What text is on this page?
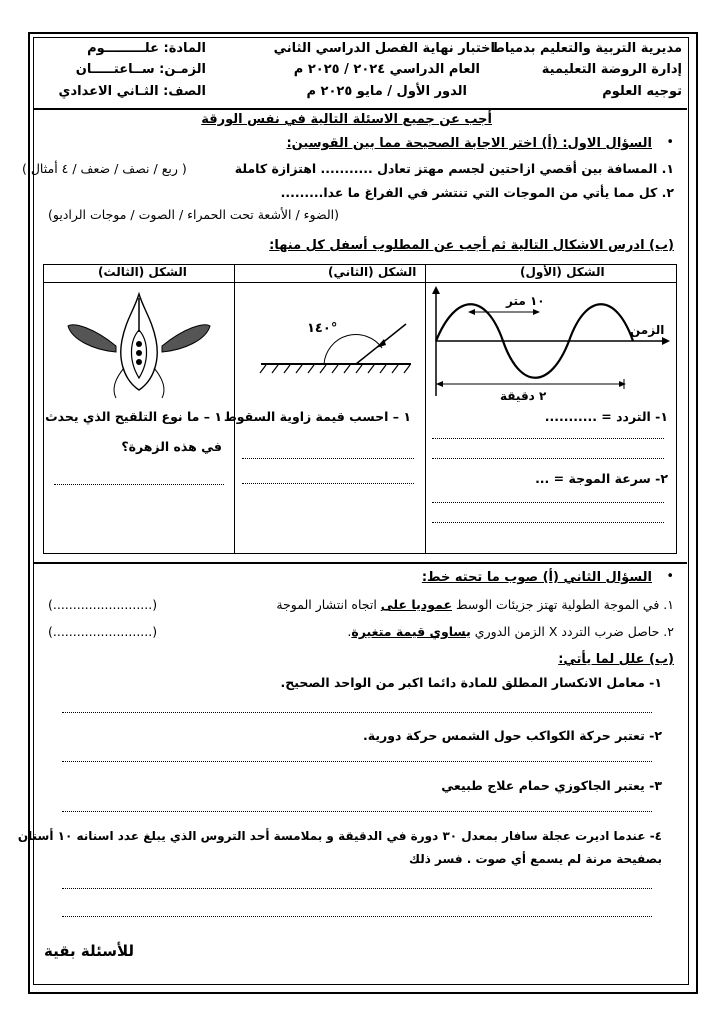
مديرية التربية والتعليم بدمياط
إدارة الروضة التعليمية
توجيه العلوم
اختبار نهاية الفصل الدراسي الثاني
العام الدراسي ٢٠٢٤ / ٢٠٢٥ م
الدور الأول / مايو ٢٠٢٥ م
المادة: علـــــــــوم
الزمـن: ســاعتـــــان
الصف: الثـاني الاعدادي
أجب عن جميع الاسئلة التالية في نفس الورقة
•
السؤال الاول: (أ) اختر الاجابة الصحيحة مما بين القوسين:
١. المسافة بين أقصي ازاحتين لجسم مهتز تعادل ........... اهتزازة كاملة
( ربع / نصف / ضعف / ٤ أمثال )
٢. كل مما يأتي من الموجات التي تنتشر في الفراغ ما عدا.........
(الضوء / الأشعة تحت الحمراء / الصوت / موجات الراديو)
(ب) ادرس الاشكال التالية ثم أجب عن المطلوب أسفل كل منها:
الشكل (الأول)
الشكل (الثاني)
الشكل (الثالث)
١٠ متر
الزمن
٢ دقيقة
١- التردد = ...........
٢- سرعة الموجة = ...
١٤٠°
١ – احسب قيمة زاوية السقوط
١ – ما نوع التلقيح الذي يحدث
في هذه الزهرة؟
•
السؤال الثاني (أ) صوب ما تحته خط:
١. في الموجة الطولية تهتز جزيئات الوسط عموديا على اتجاه انتشار الموجة
(.........................)
٢. حاصل ضرب التردد X الزمن الدوري يساوي قيمة متغيرة.
(.........................)
(ب) علل لما يأتي:
١- معامل الانكسار المطلق للمادة دائما اكبر من الواحد الصحيح.
٢- تعتبر حركة الكواكب حول الشمس حركة دورية.
٣- يعتبر الجاكوزي حمام علاج طبيعي
٤- عندما اديرت عجلة سافار بمعدل ٣٠ دورة في الدقيقة و بملامسة أحد التروس الذي يبلغ عدد اسنانه ١٠ أسنان
بصفيحة مرنة لم يسمع أي صوت . فسر ذلك
للأسئلة بقية
